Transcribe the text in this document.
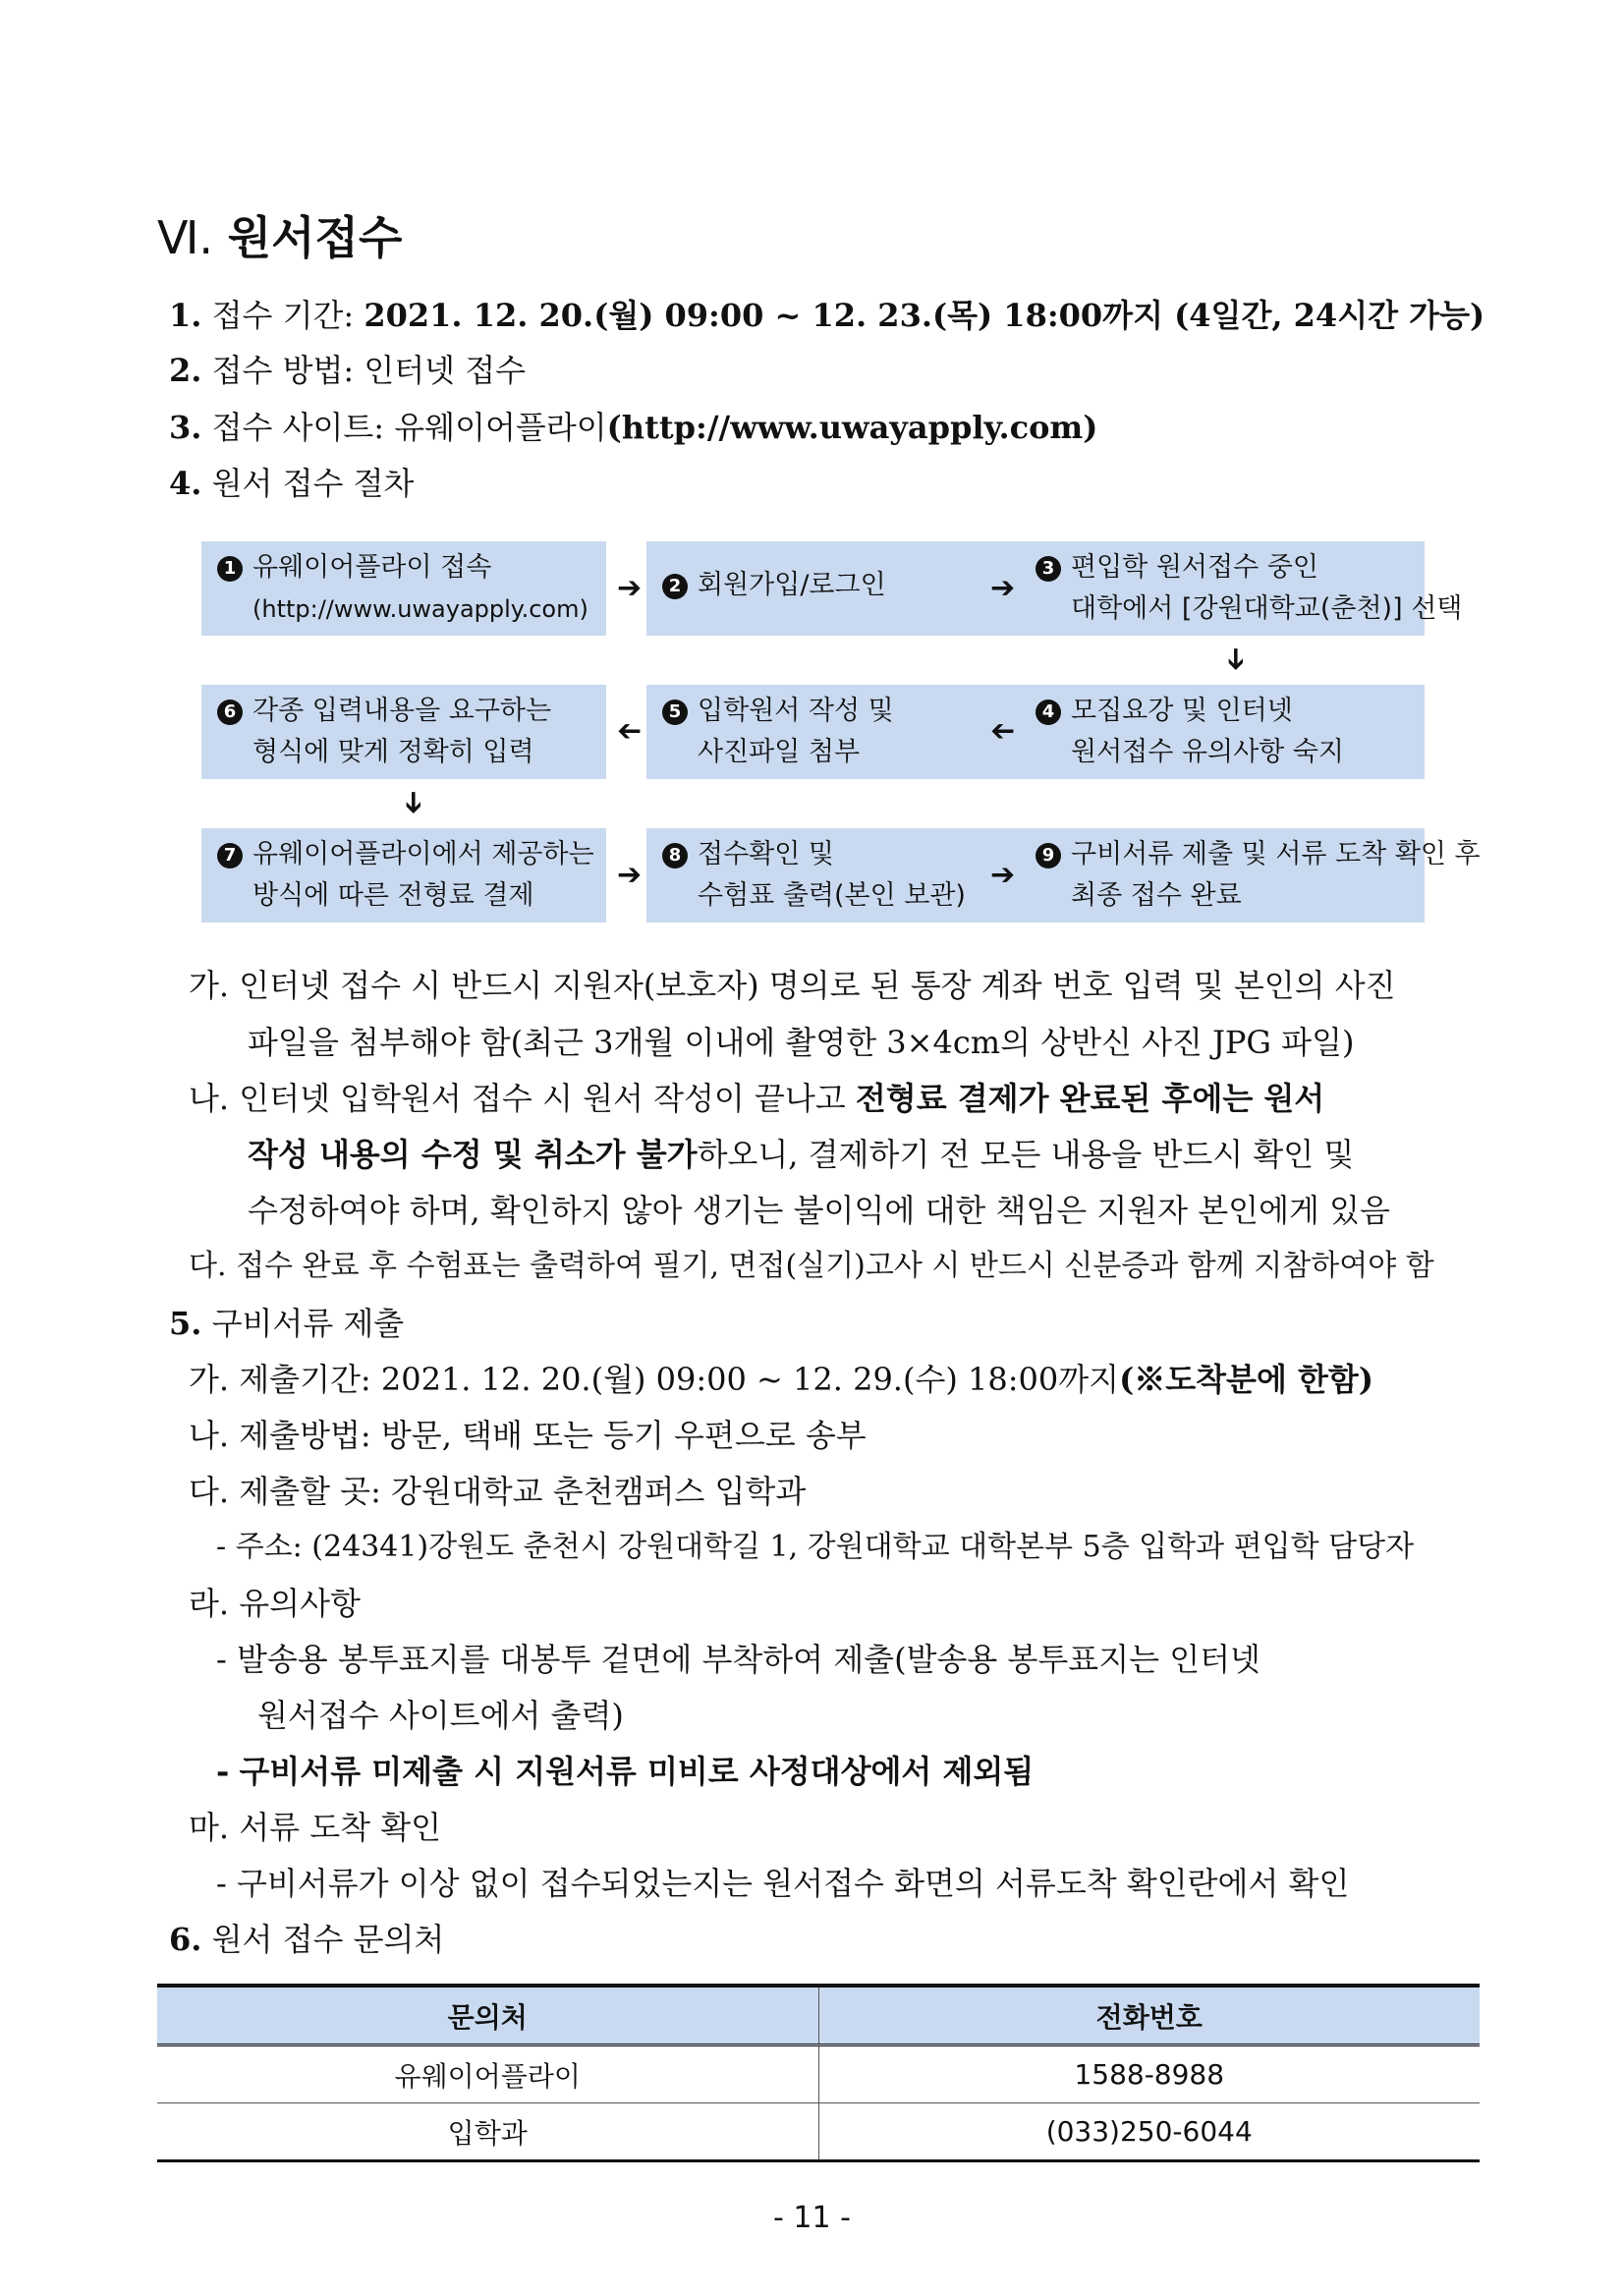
Ⅵ. 원서접수
1. 접수 기간: 2021. 12. 20.(월) 09:00 ~ 12. 23.(목) 18:00까지 (4일간, 24시간 가능)
2. 접수 방법: 인터넷 접수
3. 접수 사이트: 유웨이어플라이(http://www.uwayapply.com)
4. 원서 접수 절차
1 유웨이어플라이 접속
(http://www.uwayapply.com)
➔	2 회원가입/로그인	➔
3 편입학 원서접수 중인
대학에서 [강원대학교(춘천)] 선택
➔
6 각종 입력내용을 요구하는
형식에 맞게 정확히 입력
➔
5 입학원서 작성 및
사진파일 첨부
➔
4 모집요강 및 인터넷
원서접수 유의사항 숙지
➔
7 유웨이어플라이에서 제공하는
방식에 따른 전형료 결제
➔
8 접수확인 및
수험표 출력(본인 보관)
➔
9 구비서류 제출 및 서류 도착 확인 후
최종 접수 완료
가. 인터넷 접수 시 반드시 지원자(보호자) 명의로 된 통장 계좌 번호 입력 및 본인의 사진
파일을 첨부해야 함(최근 3개월 이내에 촬영한 3×4cm의 상반신 사진 JPG 파일)
나. 인터넷 입학원서 접수 시 원서 작성이 끝나고 전형료 결제가 완료된 후에는 원서
작성 내용의 수정 및 취소가 불가하오니, 결제하기 전 모든 내용을 반드시 확인 및
수정하여야 하며, 확인하지 않아 생기는 불이익에 대한 책임은 지원자 본인에게 있음
다. 접수 완료 후 수험표는 출력하여 필기, 면접(실기)고사 시 반드시 신분증과 함께 지참하여야 함
5. 구비서류 제출
가. 제출기간: 2021. 12. 20.(월) 09:00 ~ 12. 29.(수) 18:00까지(※도착분에 한함)
나. 제출방법: 방문, 택배 또는 등기 우편으로 송부
다. 제출할 곳: 강원대학교 춘천캠퍼스 입학과
- 주소: (24341)강원도 춘천시 강원대학길 1, 강원대학교 대학본부 5층 입학과 편입학 담당자
라. 유의사항
- 발송용 봉투표지를 대봉투 겉면에 부착하여 제출(발송용 봉투표지는 인터넷
원서접수 사이트에서 출력)
- 구비서류 미제출 시 지원서류 미비로 사정대상에서 제외됨
마. 서류 도착 확인
- 구비서류가 이상 없이 접수되었는지는 원서접수 화면의 서류도착 확인란에서 확인
6. 원서 접수 문의처
문의처	전화번호
유웨이어플라이	1588-8988
입학과	(033)250-6044
- 11 -
